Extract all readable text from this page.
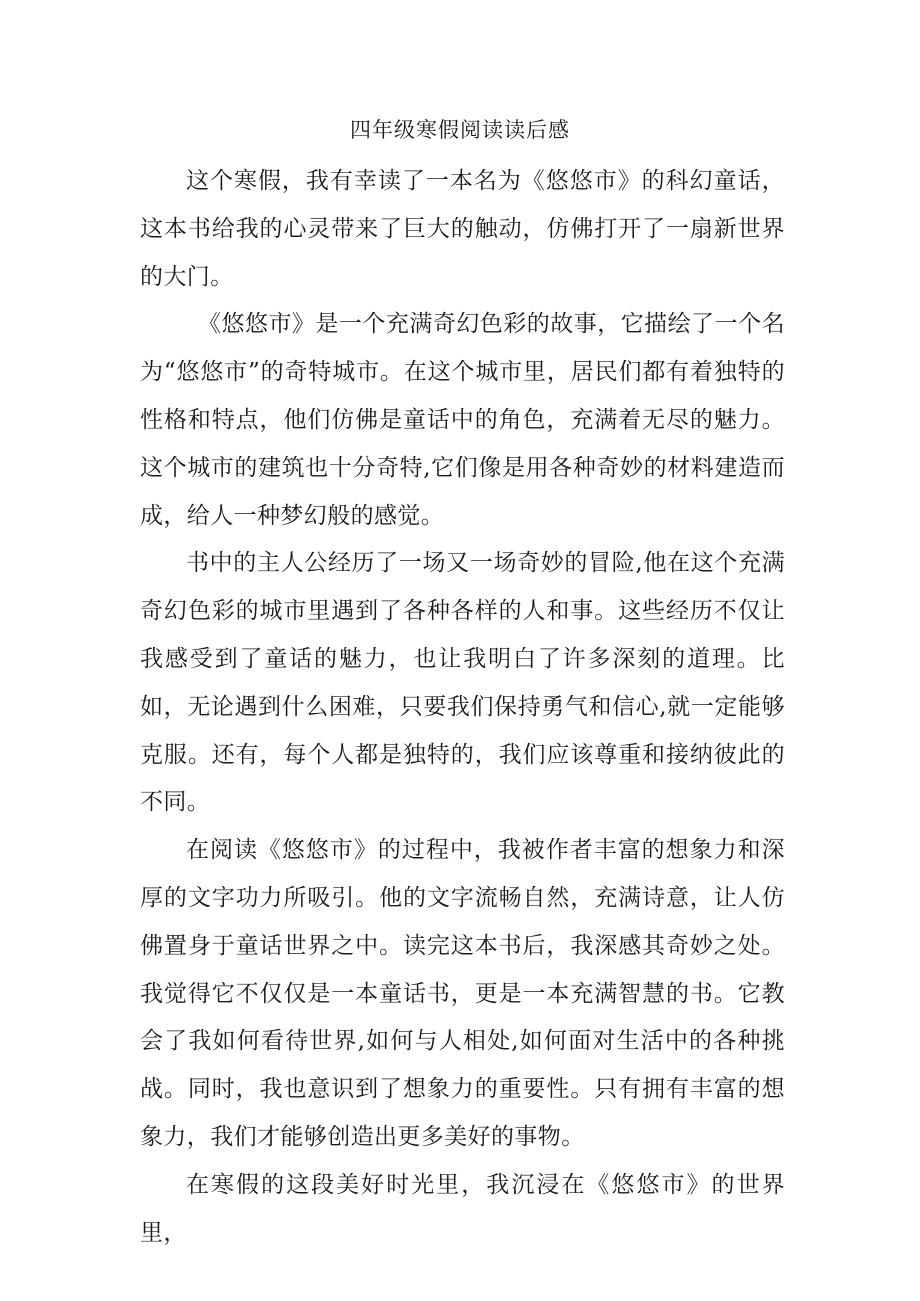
四年级寒假阅读读后感

这个寒假，我有幸读了一本名为《悠悠市》的科幻童话，这本书给我的心灵带来了巨大的触动，仿佛打开了一扇新世界的大门。

《悠悠市》是一个充满奇幻色彩的故事，它描绘了一个名为“悠悠市”的奇特城市。在这个城市里，居民们都有着独特的性格和特点，他们仿佛是童话中的角色，充满着无尽的魅力。这个城市的建筑也十分奇特,它们像是用各种奇妙的材料建造而成，给人一种梦幻般的感觉。

书中的主人公经历了一场又一场奇妙的冒险,他在这个充满奇幻色彩的城市里遇到了各种各样的人和事。这些经历不仅让我感受到了童话的魅力，也让我明白了许多深刻的道理。比如，无论遇到什么困难，只要我们保持勇气和信心,就一定能够克服。还有，每个人都是独特的，我们应该尊重和接纳彼此的不同。

在阅读《悠悠市》的过程中，我被作者丰富的想象力和深厚的文字功力所吸引。他的文字流畅自然，充满诗意，让人仿佛置身于童话世界之中。读完这本书后，我深感其奇妙之处。我觉得它不仅仅是一本童话书，更是一本充满智慧的书。它教会了我如何看待世界,如何与人相处,如何面对生活中的各种挑战。同时，我也意识到了想象力的重要性。只有拥有丰富的想象力，我们才能够创造出更多美好的事物。

在寒假的这段美好时光里，我沉浸在《悠悠市》的世界里，
